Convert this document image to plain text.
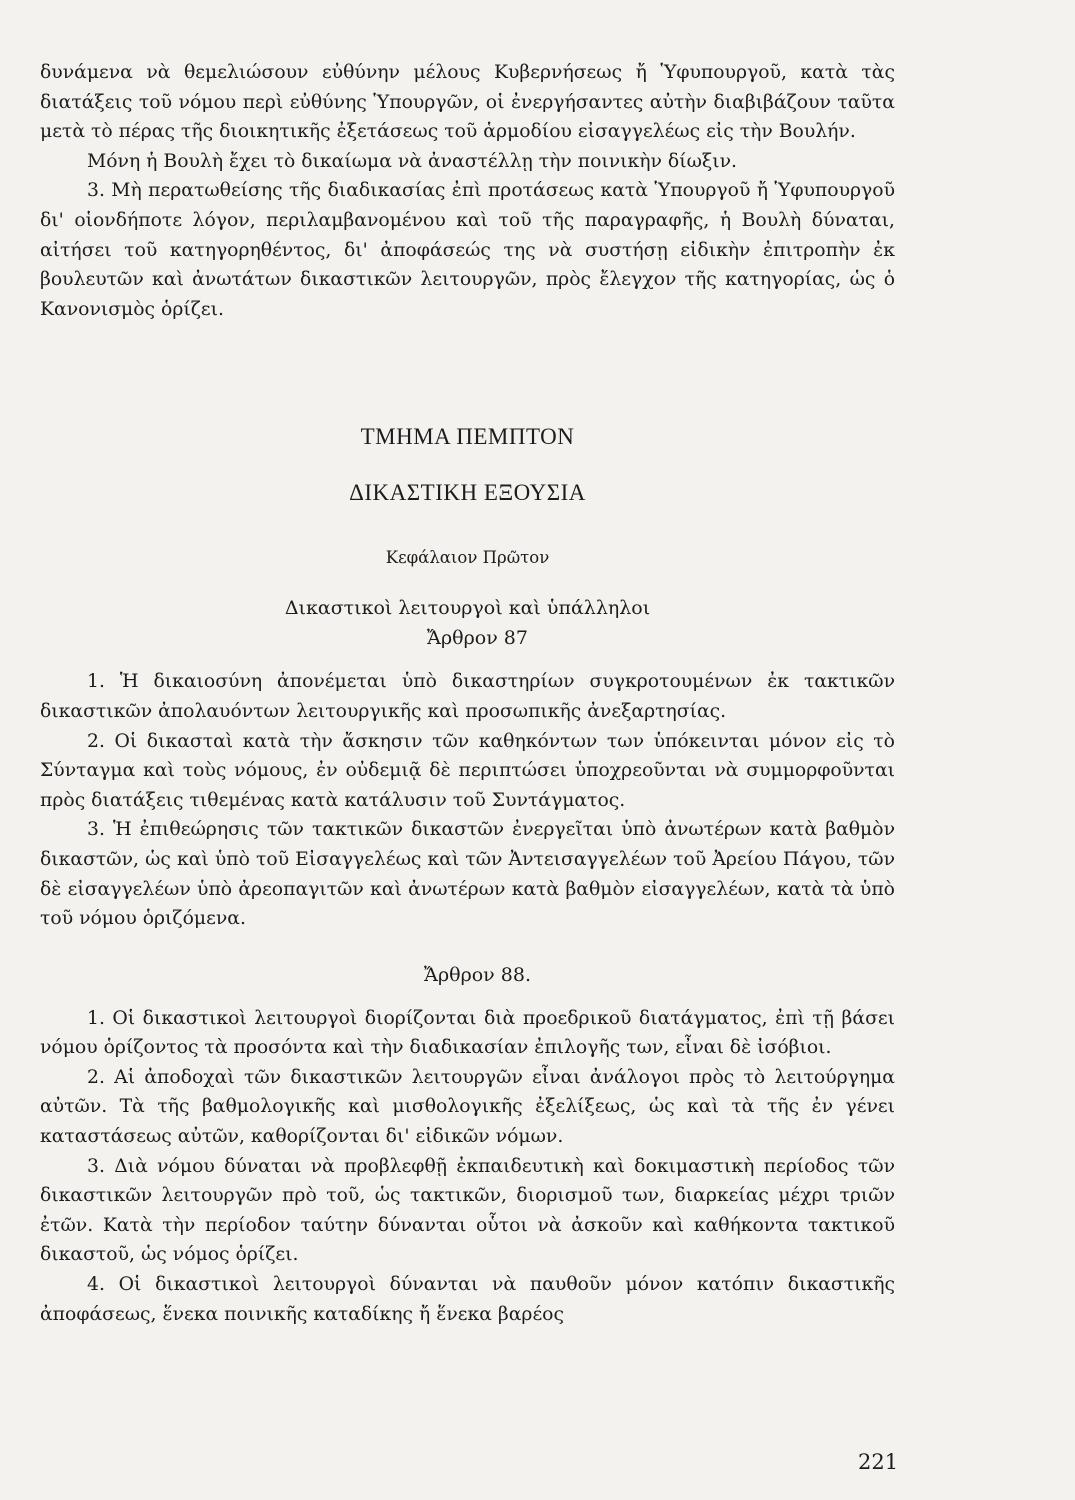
δυνάμενα νὰ θεμελιώσουν εὐθύνην μέλους Κυβερνήσεως ἤ Ὑφυπουργοῦ, κατὰ τὰς διατάξεις τοῦ νόμου περὶ εὐθύνης Ὑπουργῶν, οἱ ἐνεργήσαντες αὐτὴν διαβιβάζουν ταῦτα μετὰ τὸ πέρας τῆς διοικητικῆς ἐξετάσεως τοῦ ἁρμοδίου εἰσαγγελέως εἰς τὴν Βουλήν.

Μόνη ἡ Βουλὴ ἔχει τὸ δικαίωμα νὰ ἀναστέλλῃ τὴν ποινικὴν δίωξιν.

3. Μὴ περατωθείσης τῆς διαδικασίας ἐπὶ προτάσεως κατὰ Ὑπουργοῦ ἤ Ὑφυπουργοῦ δι' οἱονδήποτε λόγον, περιλαμβανομένου καὶ τοῦ τῆς παραγραφῆς, ἡ Βουλὴ δύναται, αἰτήσει τοῦ κατηγορηθέντος, δι' ἀποφάσεώς της νὰ συστήσῃ εἰδικὴν ἐπιτροπὴν ἐκ βουλευτῶν καὶ ἀνωτάτων δικαστικῶν λειτουργῶν, πρὸς ἔλεγχον τῆς κατηγορίας, ὡς ὁ Κανονισμὸς ὁρίζει.

ΤΜΗΜΑ ΠΕΜΠΤΟΝ
ΔΙΚΑΣΤΙΚΗ ΕΞΟΥΣΙΑ
Κεφάλαιον Πρῶτον
Δικαστικοὶ λειτουργοὶ καὶ ὑπάλληλοι
Ἄρθρον 87

1. Ἡ δικαιοσύνη ἀπονέμεται ὑπὸ δικαστηρίων συγκροτουμένων ἐκ τακτικῶν δικαστικῶν ἀπολαυόντων λειτουργικῆς καὶ προσωπικῆς ἀνεξαρτησίας.

2. Οἱ δικασταὶ κατὰ τὴν ἄσκησιν τῶν καθηκόντων των ὑπόκεινται μόνον εἰς τὸ Σύνταγμα καὶ τοὺς νόμους, ἐν οὐδεμιᾷ δὲ περιπτώσει ὑποχρεοῦνται νὰ συμμορφοῦνται πρὸς διατάξεις τιθεμένας κατὰ κατάλυσιν τοῦ Συντάγματος.

3. Ἡ ἐπιθεώρησις τῶν τακτικῶν δικαστῶν ἐνεργεῖται ὑπὸ ἀνωτέρων κατὰ βαθμὸν δικαστῶν, ὡς καὶ ὑπὸ τοῦ Εἰσαγγελέως καὶ τῶν Ἀντεισαγγελέων τοῦ Ἀρείου Πάγου, τῶν δὲ εἰσαγγελέων ὑπὸ ἀρεοπαγιτῶν καὶ ἀνωτέρων κατὰ βαθμὸν εἰσαγγελέων, κατὰ τὰ ὑπὸ τοῦ νόμου ὁριζόμενα.

Ἄρθρον 88.

1. Οἱ δικαστικοὶ λειτουργοὶ διορίζονται διὰ προεδρικοῦ διατάγματος, ἐπὶ τῇ βάσει νόμου ὁρίζοντος τὰ προσόντα καὶ τὴν διαδικασίαν ἐπιλογῆς των, εἶναι δὲ ἰσόβιοι.

2. Αἱ ἀποδοχαὶ τῶν δικαστικῶν λειτουργῶν εἶναι ἀνάλογοι πρὸς τὸ λειτούργημα αὐτῶν. Τὰ τῆς βαθμολογικῆς καὶ μισθολογικῆς ἐξελίξεως, ὡς καὶ τὰ τῆς ἐν γένει καταστάσεως αὐτῶν, καθορίζονται δι' εἰδικῶν νόμων.

3. Διὰ νόμου δύναται νὰ προβλεφθῇ ἐκπαιδευτικὴ καὶ δοκιμαστικὴ περίοδος τῶν δικαστικῶν λειτουργῶν πρὸ τοῦ, ὡς τακτικῶν, διορισμοῦ των, διαρκείας μέχρι τριῶν ἐτῶν. Κατὰ τὴν περίοδον ταύτην δύνανται οὗτοι νὰ ἀσκοῦν καὶ καθήκοντα τακτικοῦ δικαστοῦ, ὡς νόμος ὁρίζει.

4. Οἱ δικαστικοὶ λειτουργοὶ δύνανται νὰ παυθοῦν μόνον κατόπιν δικαστικῆς ἀποφάσεως, ἕνεκα ποινικῆς καταδίκης ἤ ἕνεκα βαρέος

221
